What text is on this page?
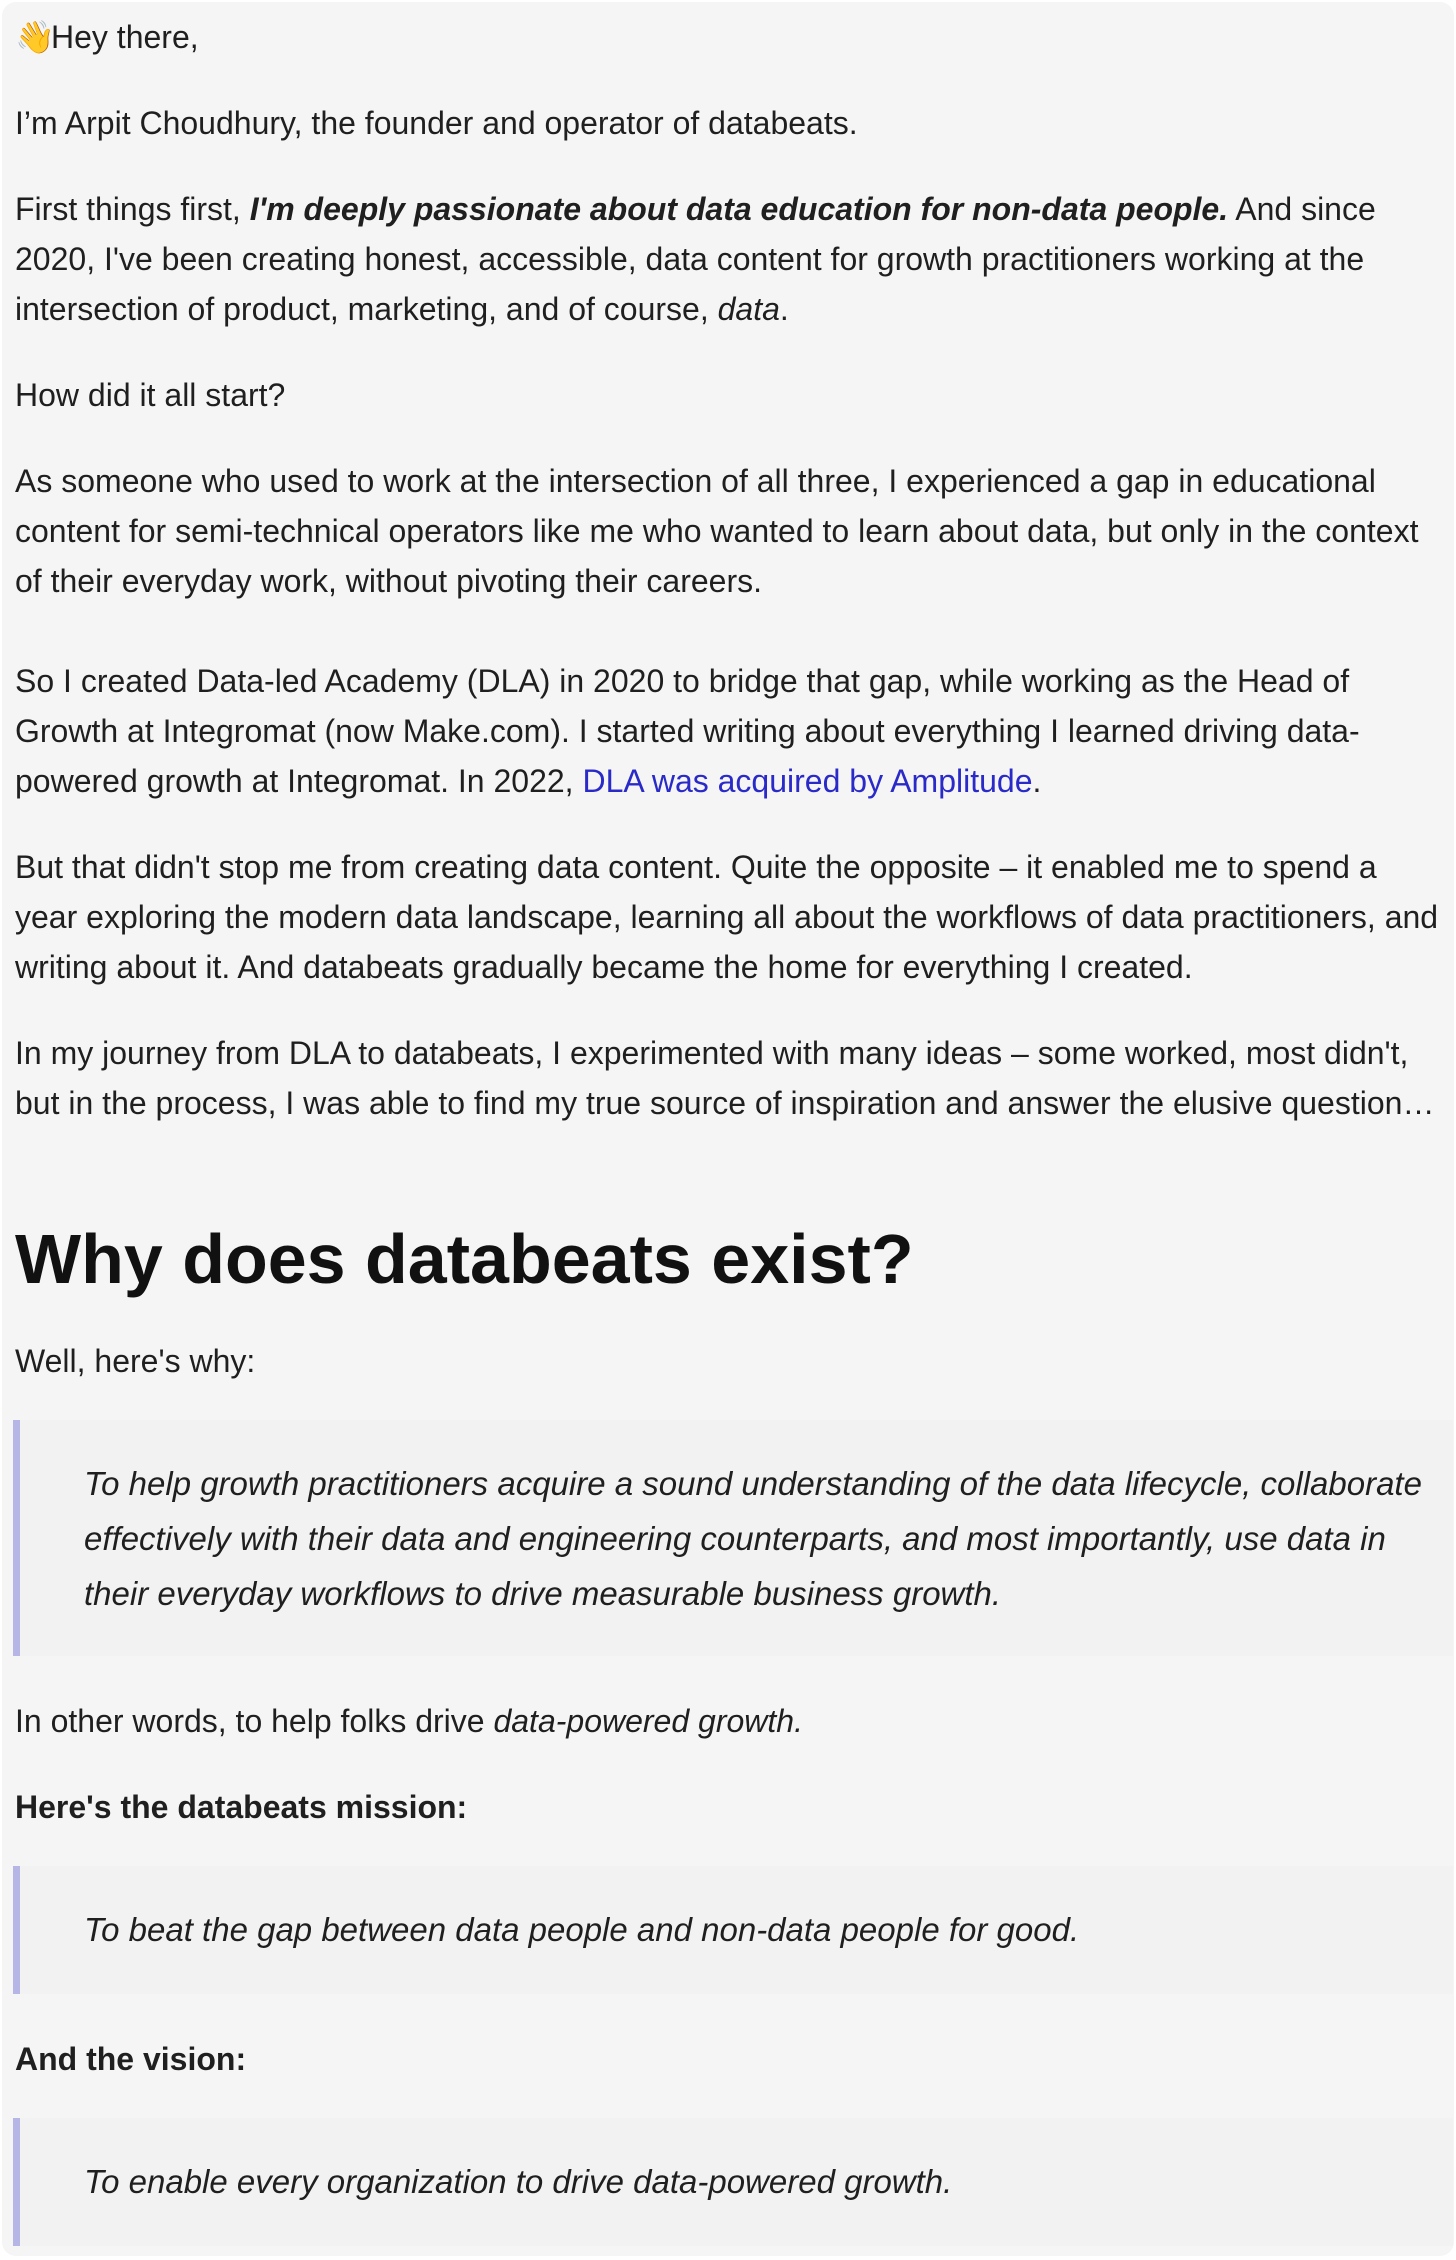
👋Hey there,

I’m Arpit Choudhury, the founder and operator of databeats.

First things first, I'm deeply passionate about data education for non-data people. And since 2020, I've been creating honest, accessible, data content for growth practitioners working at the intersection of product, marketing, and of course, data.

How did it all start?

As someone who used to work at the intersection of all three, I experienced a gap in educational content for semi-technical operators like me who wanted to learn about data, but only in the context of their everyday work, without pivoting their careers.

So I created Data-led Academy (DLA) in 2020 to bridge that gap, while working as the Head of Growth at Integromat (now Make.com). I started writing about everything I learned driving data-powered growth at Integromat. In 2022, DLA was acquired by Amplitude.

But that didn't stop me from creating data content. Quite the opposite – it enabled me to spend a year exploring the modern data landscape, learning all about the workflows of data practitioners, and writing about it. And databeats gradually became the home for everything I created.

In my journey from DLA to databeats, I experimented with many ideas – some worked, most didn't, but in the process, I was able to find my true source of inspiration and answer the elusive question…

Why does databeats exist?

Well, here's why:

To help growth practitioners acquire a sound understanding of the data lifecycle, collaborate effectively with their data and engineering counterparts, and most importantly, use data in their everyday workflows to drive measurable business growth.

In other words, to help folks drive data-powered growth.

Here's the databeats mission:

To beat the gap between data people and non-data people for good.

And the vision:

To enable every organization to drive data-powered growth.
